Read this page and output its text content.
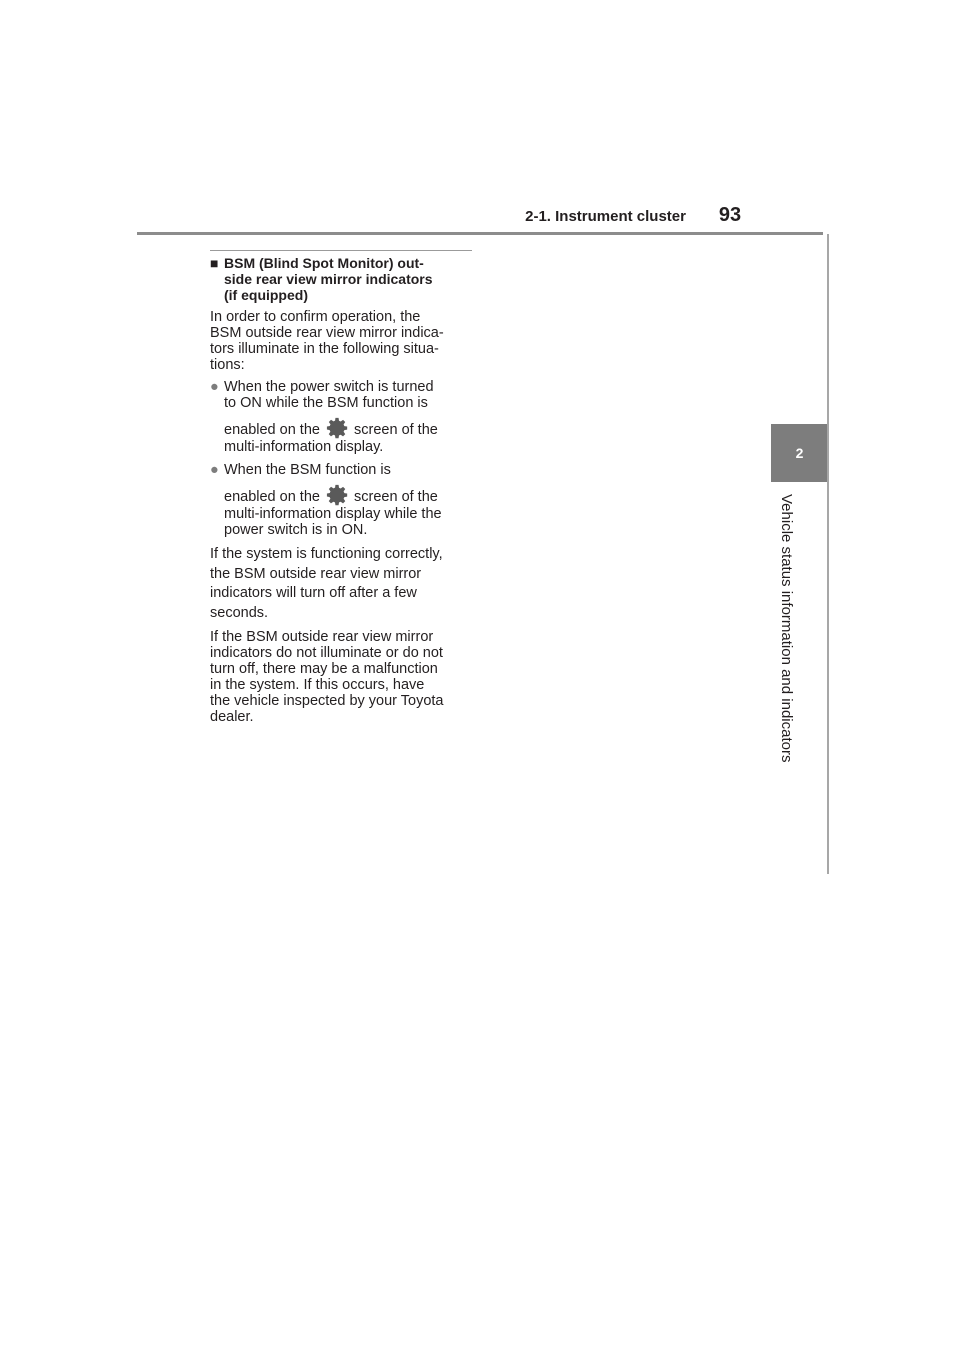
2-1. Instrument cluster	93
2
Vehicle status information and indicators
■ BSM (Blind Spot Monitor) out-
side rear view mirror indicators
(if equipped)

In order to confirm operation, the
BSM outside rear view mirror indica-
tors illuminate in the following situa-
tions:

● When the power switch is turned
to ON while the BSM function is
enabled on the screen of the
multi-information display.
● When the BSM function is
enabled on the screen of the
multi-information display while the
power switch is in ON.

If the system is functioning correctly,
the BSM outside rear view mirror
indicators will turn off after a few
seconds.

If the BSM outside rear view mirror
indicators do not illuminate or do not
turn off, there may be a malfunction
in the system. If this occurs, have
the vehicle inspected by your Toyota
dealer.
